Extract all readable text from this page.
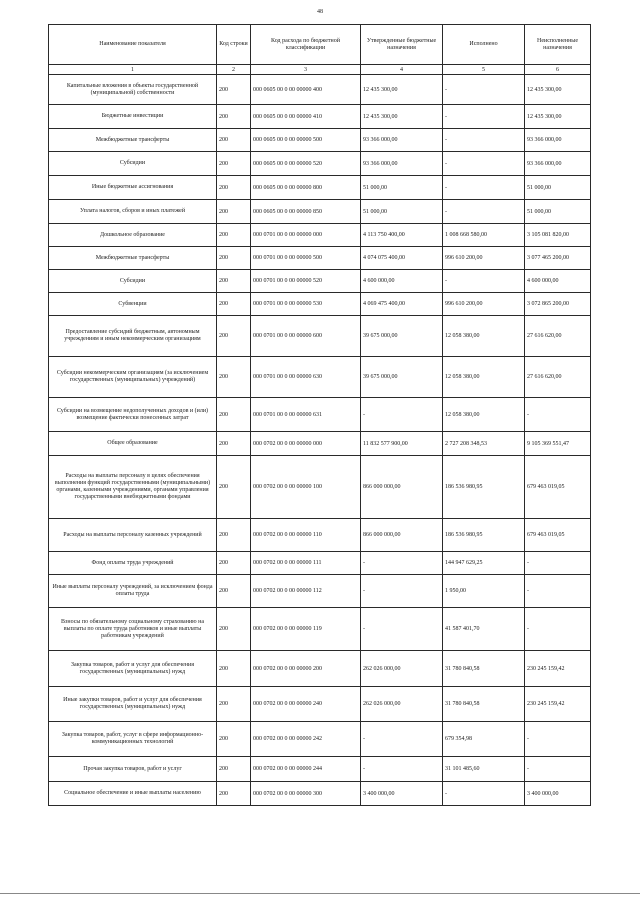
48
Наименование показателя	Код строки	Код расхода по бюджетной классификации	Утвержденные бюджетные назначения	Исполнено	Неисполненные назначения
1	2	3	4	5	6
Капитальные вложения в объекты государственной (муниципальной) собственности	200	000 0605 00 0 00 00000 400	12 435 300,00	-	12 435 300,00
Бюджетные инвестиции	200	000 0605 00 0 00 00000 410	12 435 300,00	-	12 435 300,00
Межбюджетные трансферты	200	000 0605 00 0 00 00000 500	93 366 000,00	-	93 366 000,00
Субсидии	200	000 0605 00 0 00 00000 520	93 366 000,00	-	93 366 000,00
Иные бюджетные ассигнования	200	000 0605 00 0 00 00000 800	51 000,00	-	51 000,00
Уплата налогов, сборов и иных платежей	200	000 0605 00 0 00 00000 850	51 000,00	-	51 000,00
Дошкольное образование	200	000 0701 00 0 00 00000 000	4 113 750 400,00	1 008 668 580,00	3 105 081 820,00
Межбюджетные трансферты	200	000 0701 00 0 00 00000 500	4 074 075 400,00	996 610 200,00	3 077 465 200,00
Субсидии	200	000 0701 00 0 00 00000 520	4 600 000,00	-	4 600 000,00
Субвенции	200	000 0701 00 0 00 00000 530	4 069 475 400,00	996 610 200,00	3 072 865 200,00
Предоставление субсидий бюджетным, автономным учреждениям и иным некоммерческим организациям	200	000 0701 00 0 00 00000 600	39 675 000,00	12 058 380,00	27 616 620,00
Субсидии некоммерческим организациям (за исключением государственных (муниципальных) учреждений)	200	000 0701 00 0 00 00000 630	39 675 000,00	12 058 380,00	27 616 620,00
Субсидии на возмещение недополученных доходов и (или) возмещение фактически понесенных затрат	200	000 0701 00 0 00 00000 631	-	12 058 380,00	-
Общее образование	200	000 0702 00 0 00 00000 000	11 832 577 900,00	2 727 208 348,53	9 105 369 551,47
Расходы на выплаты персоналу в целях обеспечения выполнения функций государственными (муниципальными) органами, казенными учреждениями, органами управления государственными внебюджетными фондами	200	000 0702 00 0 00 00000 100	866 000 000,00	186 536 980,95	679 463 019,05
Расходы на выплаты персоналу казенных учреждений	200	000 0702 00 0 00 00000 110	866 000 000,00	186 536 980,95	679 463 019,05
Фонд оплаты труда учреждений	200	000 0702 00 0 00 00000 111	-	144 947 629,25	-
Иные выплаты персоналу учреждений, за исключением фонда оплаты труда	200	000 0702 00 0 00 00000 112	-	1 950,00	-
Взносы по обязательному социальному страхованию на выплаты по оплате труда работников и иные выплаты работникам учреждений	200	000 0702 00 0 00 00000 119	-	41 587 401,70	-
Закупка товаров, работ и услуг для обеспечения государственных (муниципальных) нужд	200	000 0702 00 0 00 00000 200	262 026 000,00	31 780 840,58	230 245 159,42
Иные закупки товаров, работ и услуг для обеспечения государственных (муниципальных) нужд	200	000 0702 00 0 00 00000 240	262 026 000,00	31 780 840,58	230 245 159,42
Закупка товаров, работ, услуг в сфере информационно-коммуникационных технологий	200	000 0702 00 0 00 00000 242	-	679 354,98	-
Прочая закупка товаров, работ и услуг	200	000 0702 00 0 00 00000 244	-	31 101 485,60	-
Социальное обеспечение и иные выплаты населению	200	000 0702 00 0 00 00000 300	3 400 000,00	-	3 400 000,00
